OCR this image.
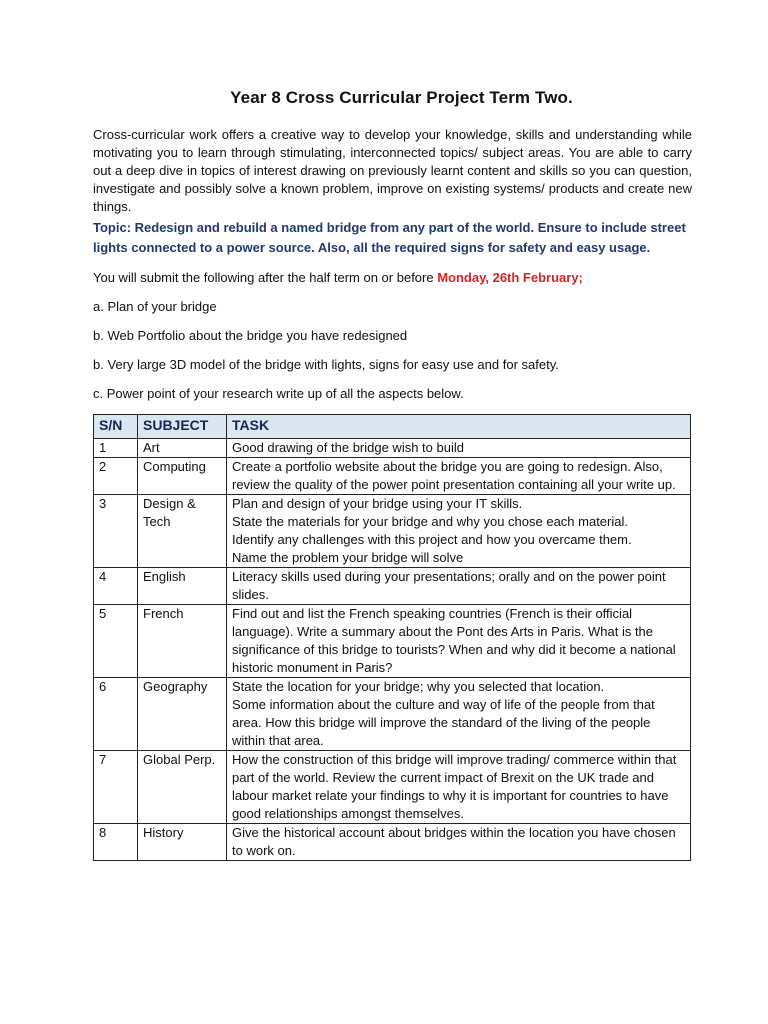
Year 8 Cross Curricular Project Term Two.

Cross-curricular work offers a creative way to develop your knowledge, skills and understanding while motivating you to learn through stimulating, interconnected topics/ subject areas. You are able to carry out a deep dive in topics of interest drawing on previously learnt content and skills so you can question, investigate and possibly solve a known problem, improve on existing systems/ products and create new things.

Topic: Redesign and rebuild a named bridge from any part of the world. Ensure to include street lights connected to a power source. Also, all the required signs for safety and easy usage.

You will submit the following after the half term on or before Monday, 26th February;

a. Plan of your bridge

b. Web Portfolio about the bridge you have redesigned

b. Very large 3D model of the bridge with lights, signs for easy use and for safety.

c. Power point of your research write up of all the aspects below.

S/N	SUBJECT	TASK
1	Art	Good drawing of the bridge wish to build
2	Computing	Create a portfolio website about the bridge you are going to redesign. Also, review the quality of the power point presentation containing all your write up.
3	Design & Tech	Plan and design of your bridge using your IT skills.
State the materials for your bridge and why you chose each material.
Identify any challenges with this project and how you overcame them.
Name the problem your bridge will solve

4	English	Literacy skills used during your presentations; orally and on the power point slides.
5	French	Find out and list the French speaking countries (French is their official language). Write a summary about the Pont des Arts in Paris. What is the significance of this bridge to tourists? When and why did it become a national historic monument in Paris?
6	Geography	State the location for your bridge; why you selected that location.
Some information about the culture and way of life of the people from that area. How this bridge will improve the standard of the living of the people within that area.

7	Global Perp.	How the construction of this bridge will improve trading/ commerce within that part of the world. Review the current impact of Brexit on the UK trade and labour market relate your findings to why it is important for countries to have good relationships amongst themselves.
8	History	Give the historical account about bridges within the location you have chosen to work on.
